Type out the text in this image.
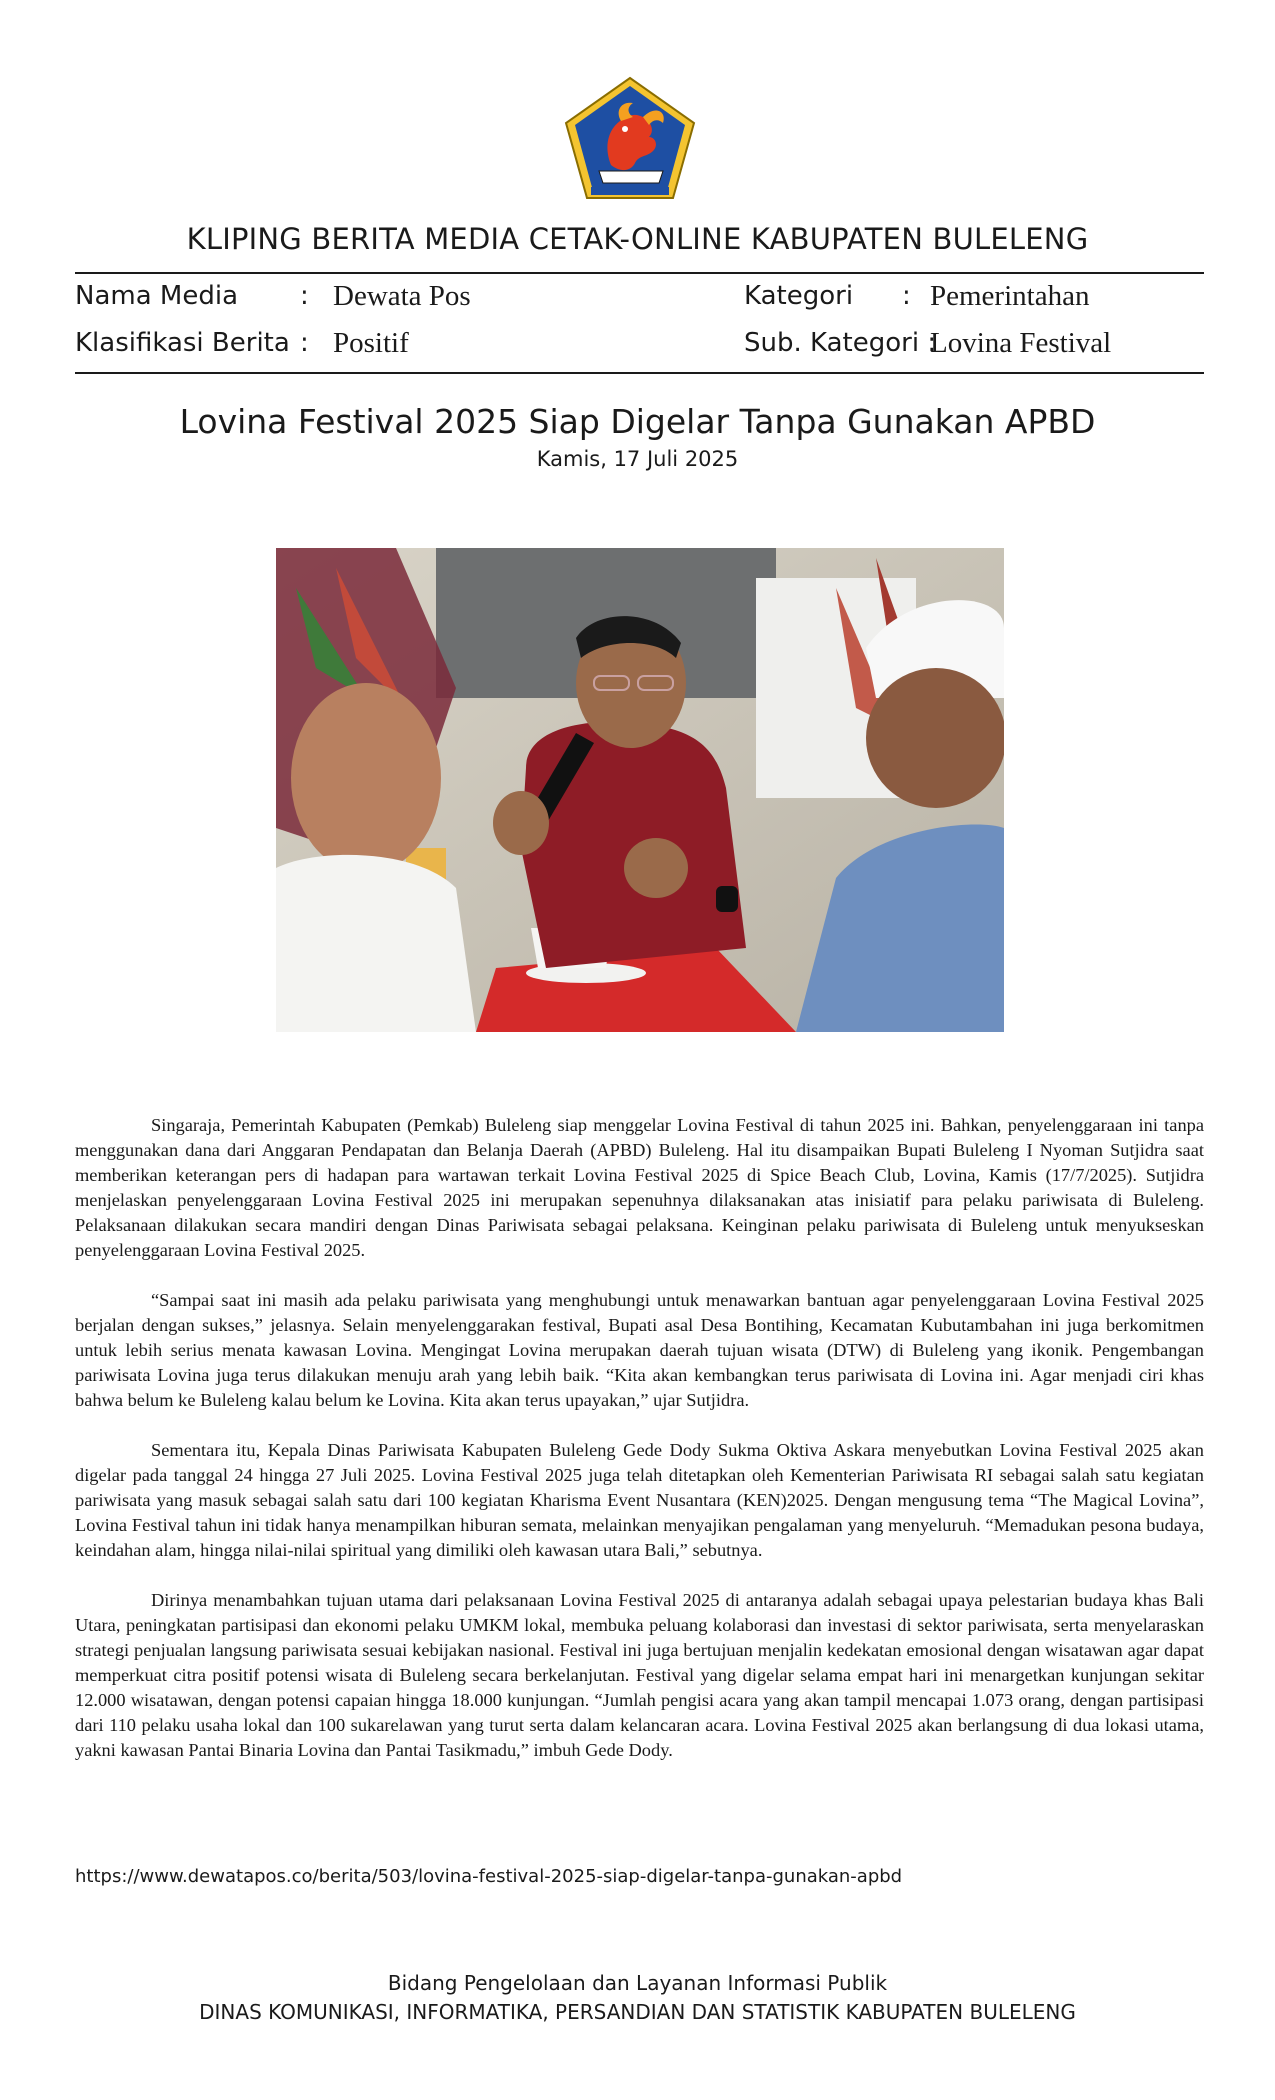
KLIPING BERITA MEDIA CETAK-ONLINE KABUPATEN BULELENG
Nama Media : Dewata Pos	Kategori : Pemerintahan
Klasifikasi Berita : Positif	Sub. Kategori :
Lovina Festival
Lovina Festival 2025 Siap Digelar Tanpa Gunakan APBD
Kamis, 17 Juli 2025

Singaraja, Pemerintah Kabupaten (Pemkab) Buleleng siap menggelar Lovina Festival di tahun 2025 ini. Bahkan, penyelenggaraan ini tanpa menggunakan dana dari Anggaran Pendapatan dan Belanja Daerah (APBD) Buleleng. Hal itu disampaikan Bupati Buleleng I Nyoman Sutjidra saat memberikan keterangan pers di hadapan para wartawan terkait Lovina Festival 2025 di Spice Beach Club, Lovina, Kamis (17/7/2025). Sutjidra menjelaskan penyelenggaraan Lovina Festival 2025 ini merupakan sepenuhnya dilaksanakan atas inisiatif para pelaku pariwisata di Buleleng. Pelaksanaan dilakukan secara mandiri dengan Dinas Pariwisata sebagai pelaksana. Keinginan pelaku pariwisata di Buleleng untuk menyukseskan penyelenggaraan Lovina Festival 2025.

“Sampai saat ini masih ada pelaku pariwisata yang menghubungi untuk menawarkan bantuan agar penyelenggaraan Lovina Festival 2025 berjalan dengan sukses,” jelasnya. Selain menyelenggarakan festival, Bupati asal Desa Bontihing, Kecamatan Kubutambahan ini juga berkomitmen untuk lebih serius menata kawasan Lovina. Mengingat Lovina merupakan daerah tujuan wisata (DTW) di Buleleng yang ikonik. Pengembangan pariwisata Lovina juga terus dilakukan menuju arah yang lebih baik. “Kita akan kembangkan terus pariwisata di Lovina ini. Agar menjadi ciri khas bahwa belum ke Buleleng kalau belum ke Lovina. Kita akan terus upayakan,” ujar Sutjidra.

Sementara itu, Kepala Dinas Pariwisata Kabupaten Buleleng Gede Dody Sukma Oktiva Askara menyebutkan Lovina Festival 2025 akan digelar pada tanggal 24 hingga 27 Juli 2025. Lovina Festival 2025 juga telah ditetapkan oleh Kementerian Pariwisata RI sebagai salah satu kegiatan pariwisata yang masuk sebagai salah satu dari 100 kegiatan Kharisma Event Nusantara (KEN)2025. Dengan mengusung tema “The Magical Lovina”, Lovina Festival tahun ini tidak hanya menampilkan hiburan semata, melainkan menyajikan pengalaman yang menyeluruh. “Memadukan pesona budaya, keindahan alam, hingga nilai-nilai spiritual yang dimiliki oleh kawasan utara Bali,” sebutnya.

Dirinya menambahkan tujuan utama dari pelaksanaan Lovina Festival 2025 di antaranya adalah sebagai upaya pelestarian budaya khas Bali Utara, peningkatan partisipasi dan ekonomi pelaku UMKM lokal, membuka peluang kolaborasi dan investasi di sektor pariwisata, serta menyelaraskan strategi penjualan langsung pariwisata sesuai kebijakan nasional. Festival ini juga bertujuan menjalin kedekatan emosional dengan wisatawan agar dapat memperkuat citra positif potensi wisata di Buleleng secara berkelanjutan. Festival yang digelar selama empat hari ini menargetkan kunjungan sekitar 12.000 wisatawan, dengan potensi capaian hingga 18.000 kunjungan. “Jumlah pengisi acara yang akan tampil mencapai 1.073 orang, dengan partisipasi dari 110 pelaku usaha lokal dan 100 sukarelawan yang turut serta dalam kelancaran acara. Lovina Festival 2025 akan berlangsung di dua lokasi utama, yakni kawasan Pantai Binaria Lovina dan Pantai Tasikmadu,” imbuh Gede Dody.

https://www.dewatapos.co/berita/503/lovina-festival-2025-siap-digelar-tanpa-gunakan-apbd
Bidang Pengelolaan dan Layanan Informasi Publik
DINAS KOMUNIKASI, INFORMATIKA, PERSANDIAN DAN STATISTIK KABUPATEN BULELENG
